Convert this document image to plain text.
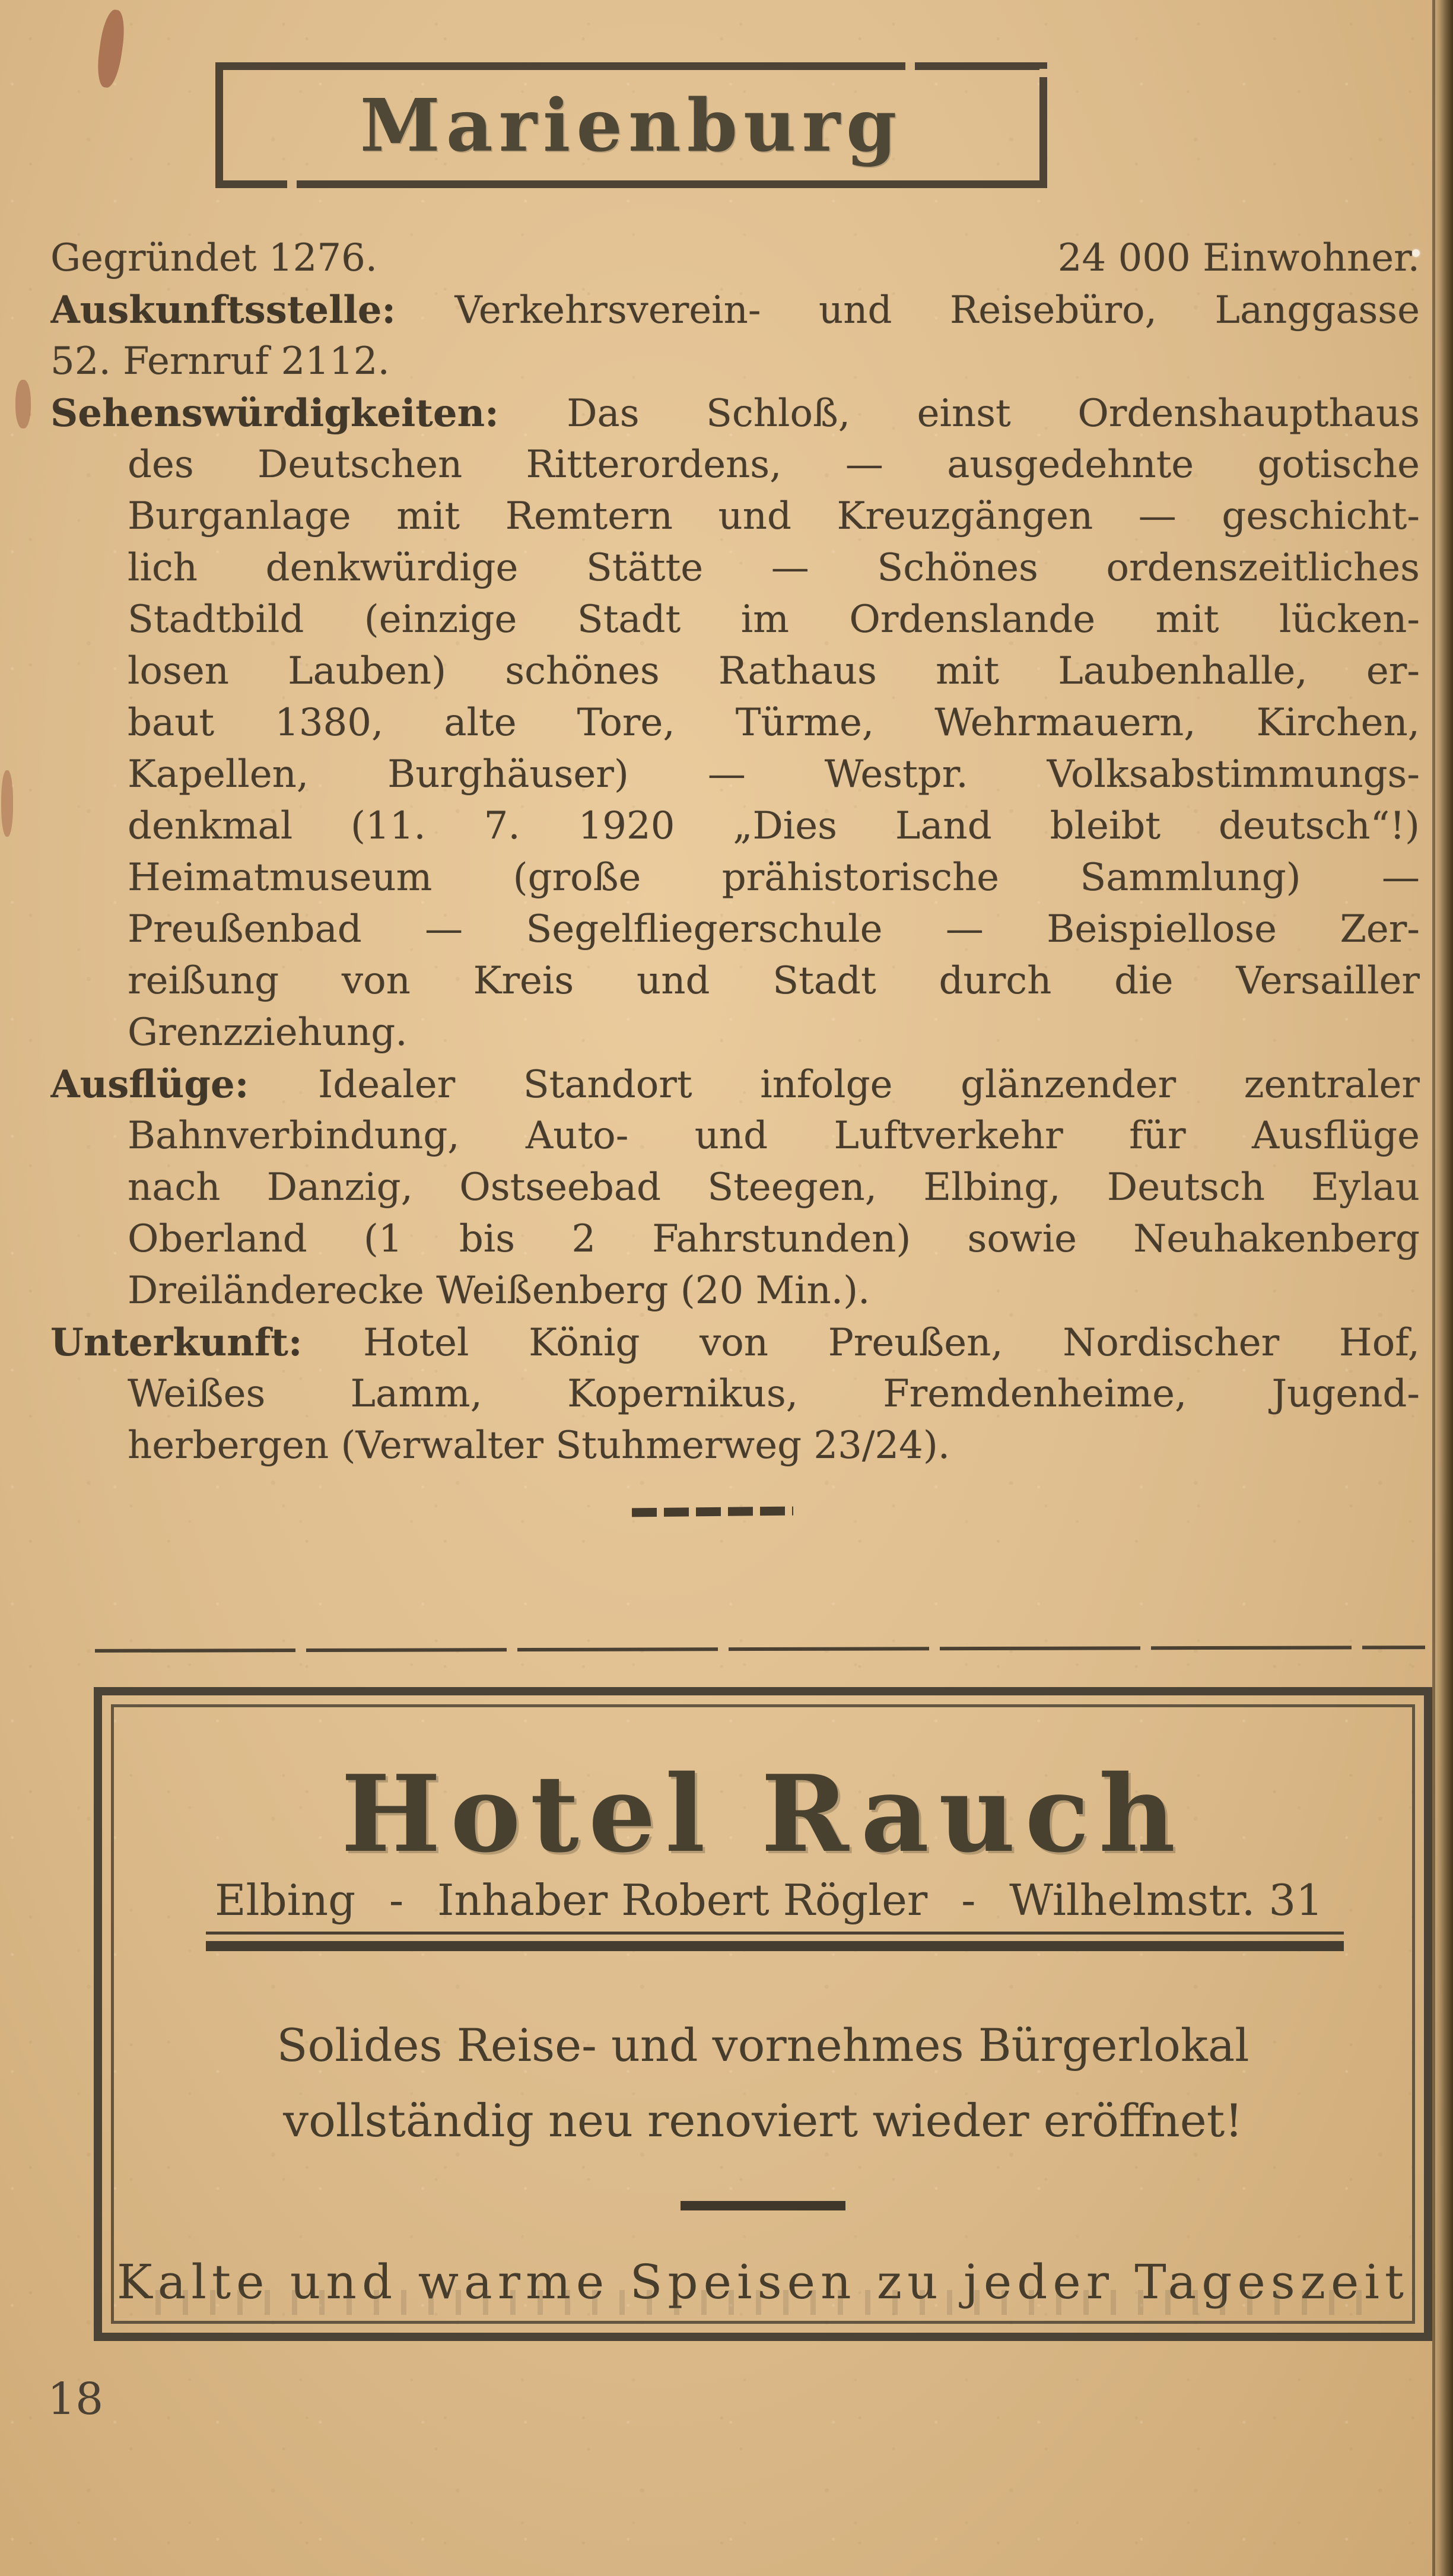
Marienburg
Gegründet 1276.	24 000 Einwohner.
Auskunftsstelle: Verkehrsverein- und Reisebüro, Langgasse
52. Fernruf 2112.
Sehenswürdigkeiten: Das Schloß, einst Ordenshaupthaus
des Deutschen Ritterordens, — ausgedehnte gotische
Burganlage mit Remtern und Kreuzgängen — geschicht-
lich denkwürdige Stätte — Schönes ordenszeitliches
Stadtbild (einzige Stadt im Ordenslande mit lücken-
losen Lauben) schönes Rathaus mit Laubenhalle, er-
baut 1380, alte Tore, Türme, Wehrmauern, Kirchen,
Kapellen, Burghäuser) — Westpr. Volksabstimmungs-
denkmal (11. 7. 1920 „Dies Land bleibt deutsch“!)
Heimatmuseum (große prähistorische Sammlung) —
Preußenbad — Segelfliegerschule — Beispiellose Zer-
reißung von Kreis und Stadt durch die Versailler
Grenzziehung.
Ausflüge: Idealer Standort infolge glänzender zentraler
Bahnverbindung, Auto- und Luftverkehr für Ausflüge
nach Danzig, Ostseebad Steegen, Elbing, Deutsch Eylau
Oberland (1 bis 2 Fahrstunden) sowie Neuhakenberg
Dreiländerecke Weißenberg (20 Min.).
Unterkunft: Hotel König von Preußen, Nordischer Hof,
Weißes Lamm, Kopernikus, Fremdenheime, Jugend-
herbergen (Verwalter Stuhmerweg 23/24).
Hotel Rauch
Elbing - Inhaber Robert Rögler - Wilhelmstr. 31
Solides Reise- und vornehmes Bürgerlokal
vollständig neu renoviert wieder eröffnet!
Kalte und warme Speisen zu jeder Tageszeit
18
